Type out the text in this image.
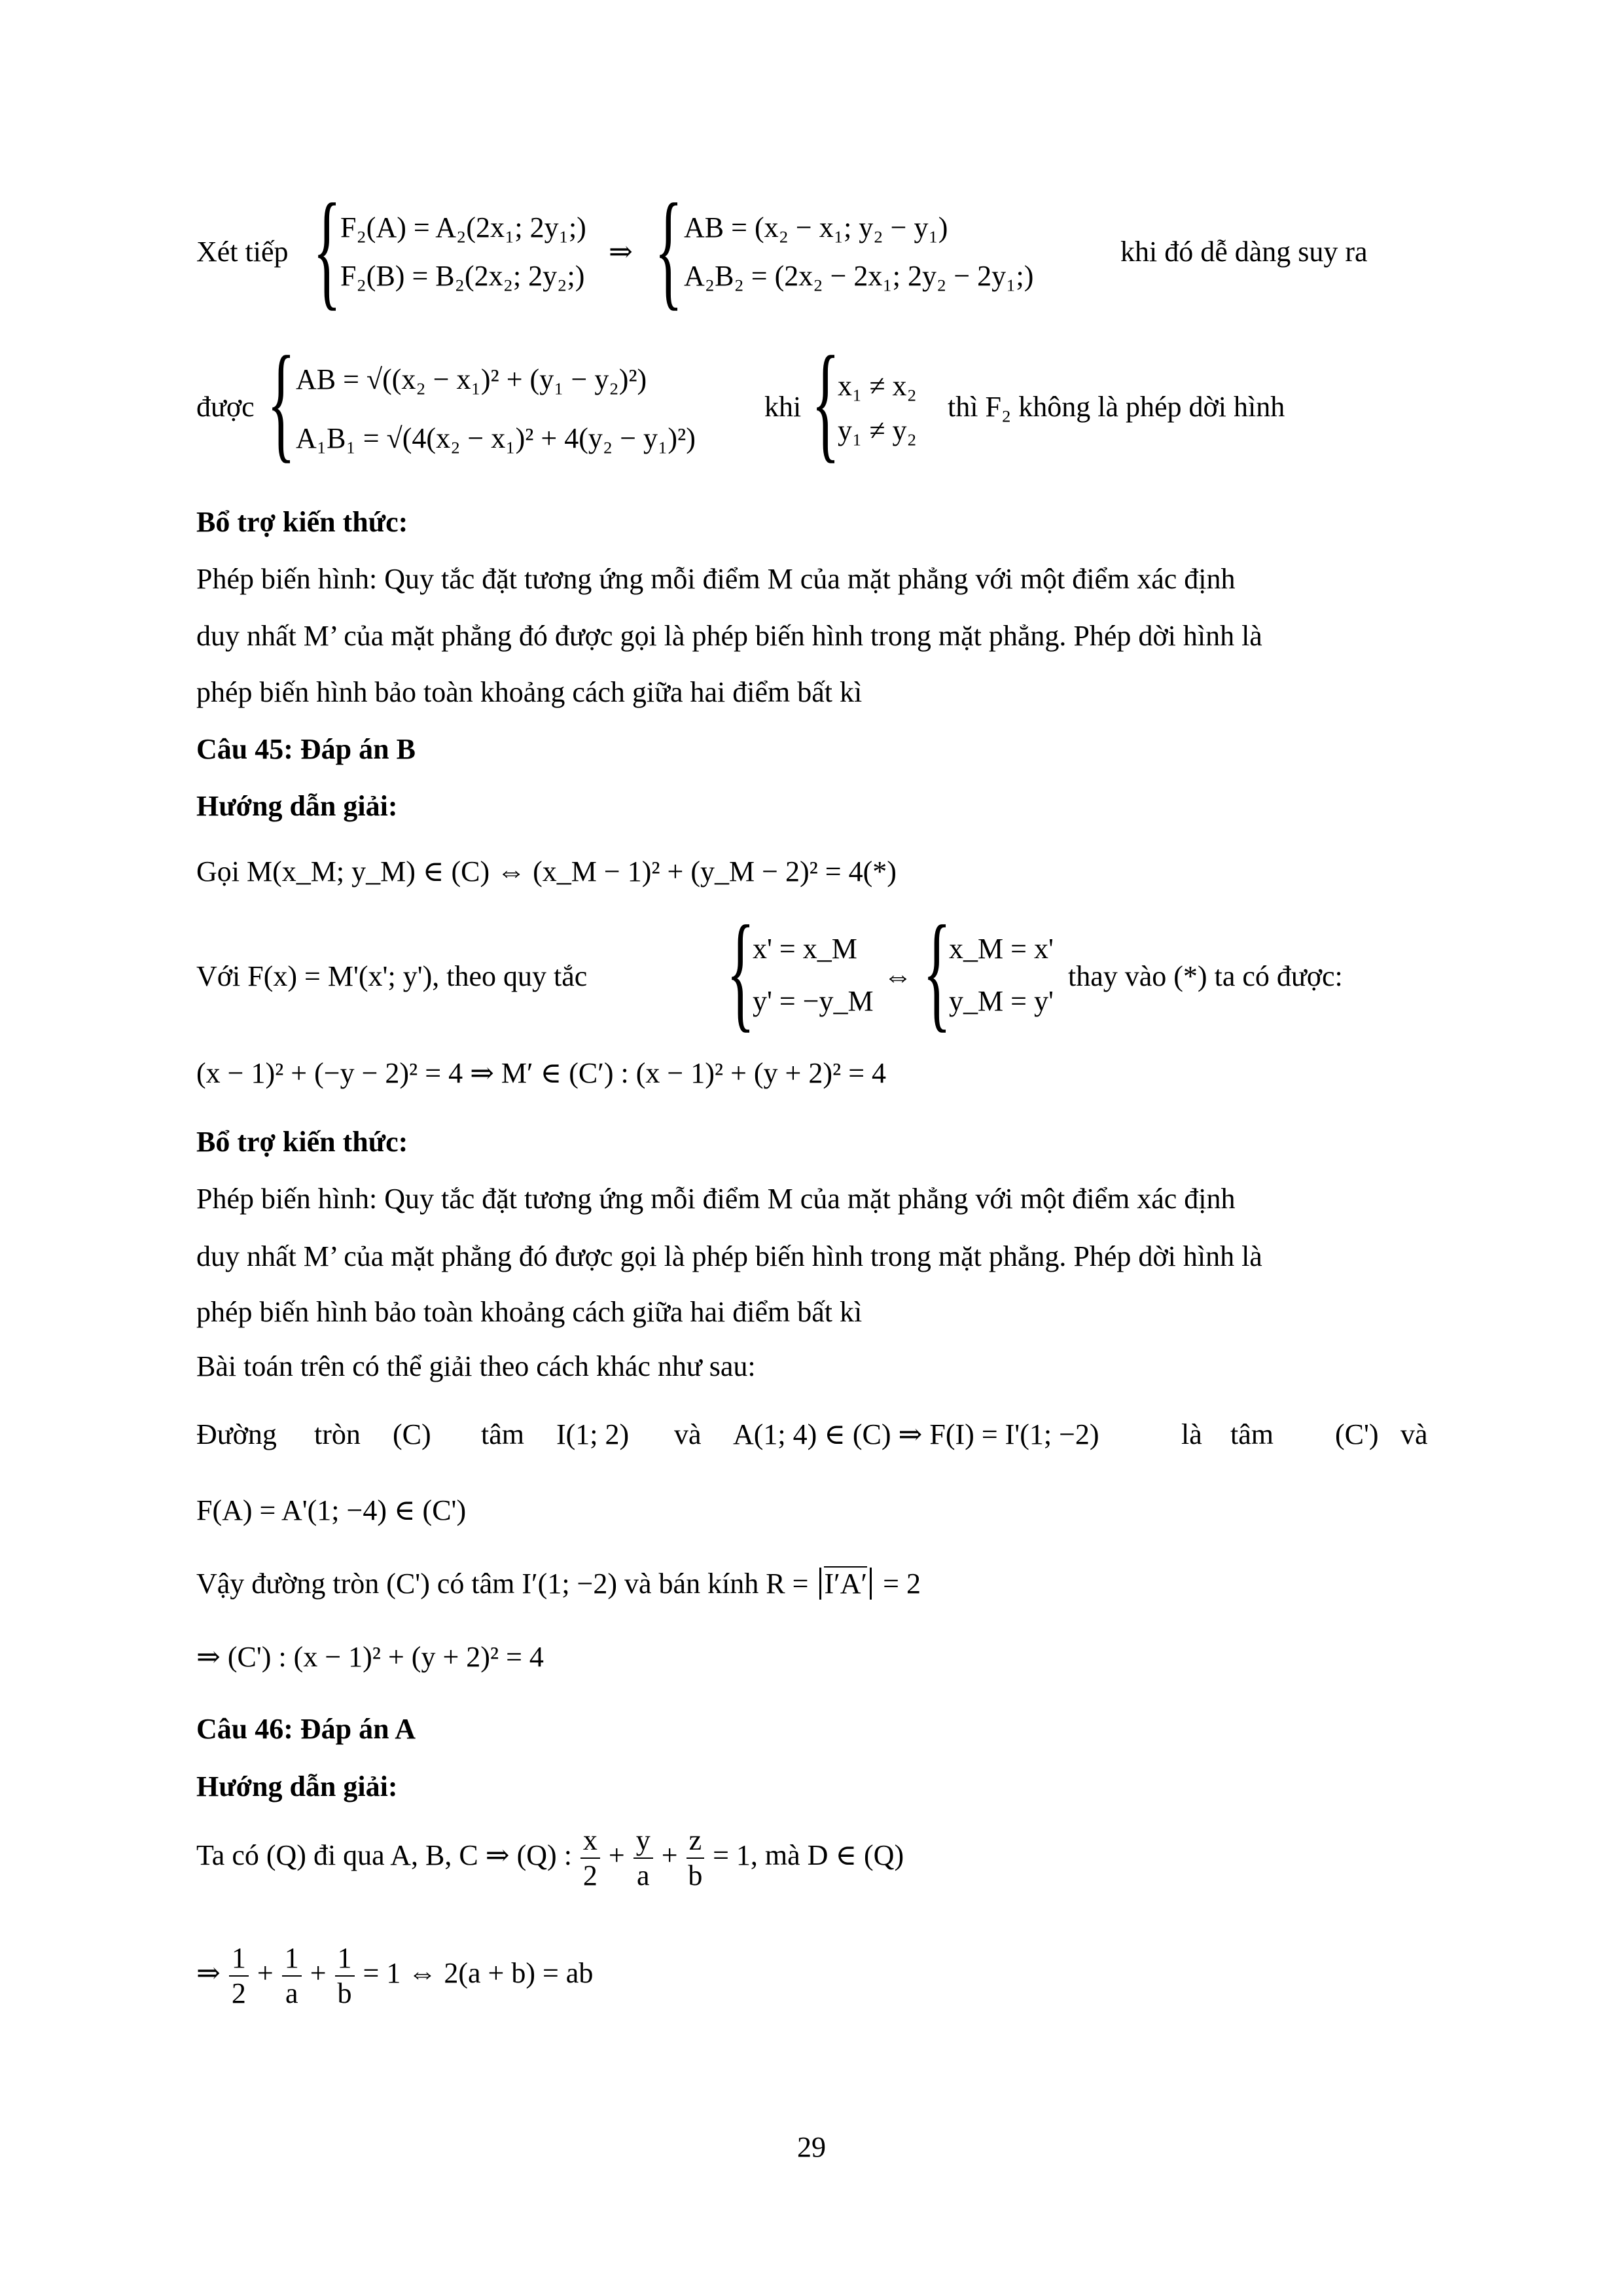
Xét tiếp {
F₂(A) = A₂(2x₁; 2y₁;)
F₂(B) = B₂(2x₂; 2y₂;)
⇒ { AB = (x₂ − x₁; y₂ − y₁)
A₂B₂ = (2x₂ − 2x₁; 2y₂ − 2y₁;)
khi đó dễ dàng suy ra
được { AB = √((x₂ − x₁)² + (y₁ − y₂)²)
A₁B₁ = √(4(x₂ − x₁)² + 4(y₂ − y₁)²)
khi {
x₁ ≠ x₂
y₁ ≠ y₂
thì F₂ không là phép dời hình
Bổ trợ kiến thức:
Phép biến hình: Quy tắc đặt tương ứng mỗi điểm M của mặt phẳng với một điểm xác định
duy nhất M’ của mặt phẳng đó được gọi là phép biến hình trong mặt phẳng. Phép dời hình là
phép biến hình bảo toàn khoảng cách giữa hai điểm bất kì
Câu 45: Đáp án B
Hướng dẫn giải:
Gọi M(x_M; y_M) ∈ (C) ⇔ (x_M − 1)² + (y_M − 2)² = 4(*)
Với F(x) = M'(x'; y'), theo quy tắc {
x' = x_M
y' = −y_M
⇔ {
x_M = x'
y_M = y'
thay vào (*) ta có được:
(x − 1)² + (−y − 2)² = 4 ⇒ M′ ∈ (C′) : (x − 1)² + (y + 2)² = 4
Bổ trợ kiến thức:
Phép biến hình: Quy tắc đặt tương ứng mỗi điểm M của mặt phẳng với một điểm xác định
duy nhất M’ của mặt phẳng đó được gọi là phép biến hình trong mặt phẳng. Phép dời hình là
phép biến hình bảo toàn khoảng cách giữa hai điểm bất kì
Bài toán trên có thể giải theo cách khác như sau:
Đường tròn (C) tâm I(1; 2) và A(1; 4) ∈ (C) ⇒ F(I) = I'(1; −2)	là tâm (C') và
F(A) = A'(1; −4) ∈ (C')
Vậy đường tròn (C') có tâm I′(1; −2) và bán kính R = I′A′ = 2
⇒ (C') : (x − 1)² + (y + 2)² = 4
Câu 46: Đáp án A
Hướng dẫn giải:
Ta có (Q) đi qua A, B, C ⇒ (Q) : $\frac{x}{2} + \frac{y}{a} + \frac{z}{b} = 1$, mà D ∈ (Q)
⇒ $\frac{1}{2} + \frac{1}{a} + \frac{1}{b} = 1$ ⇔ 2(a + b) = ab
29
